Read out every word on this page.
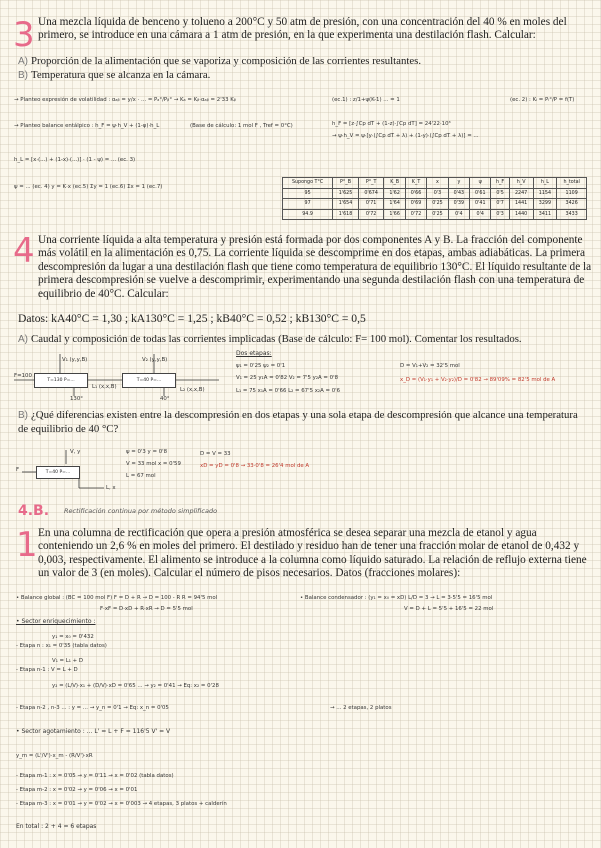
3 Una mezcla líquida de benceno y tolueno a 200°C y 50 atm de presión, con una concentración del 40 % en moles del primero, se introduce en una cámara a 1 atm de presión, en la que experimenta una destilación flash. Calcular:
A) Proporción de la alimentación que se vaporiza y composición de las corrientes resultantes.
B) Temperatura que se alcanza en la cámara.
→ Planteo expresión de volatilidad : αₐᵦ = y/x · ... = Pₐ°/Pᵦ° → Kₐ = Kᵦ·αₐᵦ = 2'33 Kᵦ	(ec.1) : z/1+ψ(K-1) ... = 1	(ec. 2) : Kᵢ = Pᵢ°/P = f(T)
→ Planteo balance entálpico : h_F = ψ·h_V + (1-ψ)·h_L	(Base de cálculo: 1 mol F , Tref = 0°C)	h_F = [z·∫Cp dT + (1-z)·∫Cp dT] = 24'22·10³
→ ψ·h_V = ψ·[y·(∫Cp dT + λ) + (1-y)·(∫Cp dT + λ)] = ...
h_L = [x·(...) + (1-x)·(...)] · (1 - ψ) = ... (ec. 3)
ψ = ... (ec. 4) y = K·x (ec.5) Σy = 1 (ec.6) Σx = 1 (ec.7)
Supongo T°C	P°_B	P°_T	K_B	K_T	x	y	ψ	h_F	h_V	h_L	h_total
95	1'625	0'674	1'62	0'66	0'3	0'43	0'61	0'5	2247	1154	1109
97	1'654	0'71	1'64	0'69	0'25	0'39	0'41	0'7	1441	3299	3426
94.9	1'618	0'72	1'66	0'72	0'25	0'4	0'4	0'3	1440	3411	3433
4 Una corriente líquida a alta temperatura y presión está formada por dos componentes A y B. La fracción del componente más volátil en la alimentación es 0,75. La corriente líquida se descomprime en dos etapas, ambas adiabáticas. La primera descompresión da lugar a una destilación flash que tiene como temperatura de equilibrio 130°C. El líquido resultante de la primera descompresión se vuelve a descomprimir, experimentando una segunda destilación flash con una temperatura de equilibrio de 40°C. Calcular:
Datos: kA40°C = 1,30 ; kA130°C = 1,25 ; kB40°C = 0,52 ; kB130°C = 0,5
A) Caudal y composición de todas las corrientes implicadas (Base de cálculo: F= 100 mol). Comentar los resultados.
T=130 P=...	T=40 P=...
F=100
V₁ (y,y,B)	V₂ (y,y,B)
L₁ (x,x,B)	L₂ (x,x,B)
130°	40°
Dos etapas:
ψ₁ = 0'25 ψ₂ = 0'1
V₁ = 25 y₁A = 0'82 V₂ = 7'5 y₂A = 0'8
L₁ = 75 x₁A = 0'66 L₂ = 67'5 x₂A = 0'6
D = V₁+V₂ = 32'5 mol
x_D = (V₁·y₁ + V₂·y₂)/D = 0'82 → 89'09% = 82'5 mol de A
B) ¿Qué diferencias existen entre la descompresión en dos etapas y una sola etapa de descompresión que alcance una temperatura de equilibrio de 40 °C?
T=40 P=...
F
V, y
L, x
ψ = 0'3 y = 0'8
V = 33 mol x = 0'59
L = 67 mol
D = V = 33
xD = yD = 0'8 → 33·0'8 = 26'4 mol de A
4.B. Rectificación continua por método simplificado
1 En una columna de rectificación que opera a presión atmosférica se desea separar una mezcla de etanol y agua conteniendo un 2,6 % en moles del primero. El destilado y residuo han de tener una fracción molar de etanol de 0,432 y 0,003, respectivamente. El alimento se introduce a la columna como líquido saturado. La relación de reflujo externa tiene un valor de 3 (en moles). Calcular el número de pisos necesarios. Datos (fracciones molares):
• Balance global : (BC = 100 mol F) F = D + R → D = 100 - R R = 94'5 mol
F·xF = D·xD + R·xR → D = 5'5 mol
• Balance condensador : (y₁ = x₀ = xD) L/D = 3 → L = 3·5'5 = 16'5 mol
V = D + L = 5'5 + 16'5 = 22 mol
• Sector enriquecimiento :
y₁ = x₀ = 0'432
- Etapa n : x₁ = 0'35 (tabla datos)
V₁ = L₁ + D
- Etapa n-1 : V = L + D
y₂ = (L/V)·x₁ + (D/V)·xD = 0'65 ... → y₂ = 0'41 → Eq: x₂ = 0'28
- Etapa n-2 , n-3 ... : y = ... → y_n = 0'1 → Eq: x_n = 0'05	→ ... 2 etapas, 2 platos
• Sector agotamiento : ... L' = L + F = 116'5 V' = V
y_m = (L'/V')·x_m - (R/V')·xR
- Etapa m-1 : x = 0'05 → y = 0'11 → x = 0'02 (tabla datos)
- Etapa m-2 : x = 0'02 → y = 0'06 → x = 0'01
- Etapa m-3 : x = 0'01 → y = 0'02 → x = 0'003 → 4 etapas, 3 platos + calderín
En total : 2 + 4 = 6 etapas
